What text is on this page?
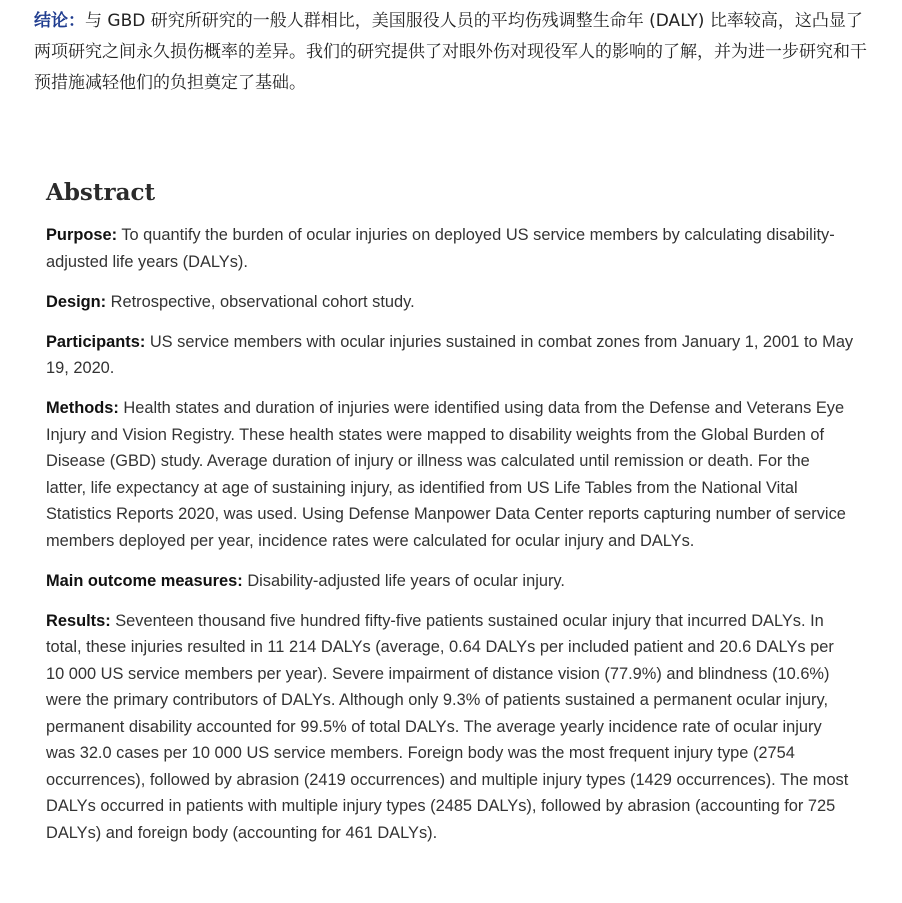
结论：与 GBD 研究所研究的一般人群相比，美国服役人员的平均伤残调整生命年 (DALY) 比率较高，这凸显了两项研究之间永久损伤概率的差异。我们的研究提供了对眼外伤对现役军人的影响的了解，并为进一步研究和干预措施减轻他们的负担奠定了基础。

Abstract

Purpose: To quantify the burden of ocular injuries on deployed US service members by calculating disability-adjusted life years (DALYs).

Design: Retrospective, observational cohort study.

Participants: US service members with ocular injuries sustained in combat zones from January 1, 2001 to May 19, 2020.

Methods: Health states and duration of injuries were identified using data from the Defense and Veterans Eye Injury and Vision Registry. These health states were mapped to disability weights from the Global Burden of Disease (GBD) study. Average duration of injury or illness was calculated until remission or death. For the latter, life expectancy at age of sustaining injury, as identified from US Life Tables from the National Vital Statistics Reports 2020, was used. Using Defense Manpower Data Center reports capturing number of service members deployed per year, incidence rates were calculated for ocular injury and DALYs.

Main outcome measures: Disability-adjusted life years of ocular injury.

Results: Seventeen thousand five hundred fifty-five patients sustained ocular injury that incurred DALYs. In total, these injuries resulted in 11 214 DALYs (average, 0.64 DALYs per included patient and 20.6 DALYs per 10 000 US service members per year). Severe impairment of distance vision (77.9%) and blindness (10.6%) were the primary contributors of DALYs. Although only 9.3% of patients sustained a permanent ocular injury, permanent disability accounted for 99.5% of total DALYs. The average yearly incidence rate of ocular injury was 32.0 cases per 10 000 US service members. Foreign body was the most frequent injury type (2754 occurrences), followed by abrasion (2419 occurrences) and multiple injury types (1429 occurrences). The most DALYs occurred in patients with multiple injury types (2485 DALYs), followed by abrasion (accounting for 725 DALYs) and foreign body (accounting for 461 DALYs).
